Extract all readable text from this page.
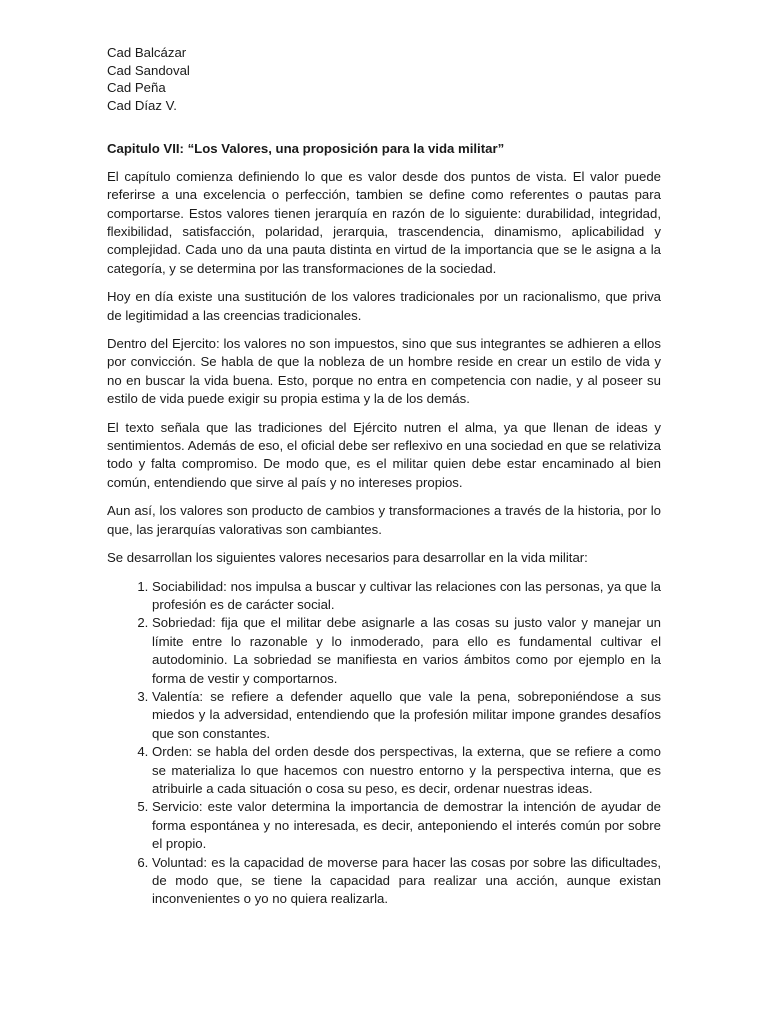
Cad Balcázar
Cad Sandoval
Cad Peña
Cad Díaz V.
Capitulo VII: “Los Valores, una proposición para la vida militar”

El capítulo comienza definiendo lo que es valor desde dos puntos de vista. El valor puede referirse a una excelencia o perfección, tambien se define como referentes o pautas para comportarse. Estos valores tienen jerarquía en razón de lo siguiente: durabilidad, integridad, flexibilidad, satisfacción, polaridad, jerarquia, trascendencia, dinamismo, aplicabilidad y complejidad. Cada uno da una pauta distinta en virtud de la importancia que se le asigna a la categoría, y se determina por las transformaciones de la sociedad.

Hoy en día existe una sustitución de los valores tradicionales por un racionalismo, que priva de legitimidad a las creencias tradicionales.

Dentro del Ejercito: los valores no son impuestos, sino que sus integrantes se adhieren a ellos por convicción. Se habla de que la nobleza de un hombre reside en crear un estilo de vida y no en buscar la vida buena. Esto, porque no entra en competencia con nadie, y al poseer su estilo de vida puede exigir su propia estima y la de los demás.

El texto señala que las tradiciones del Ejército nutren el alma, ya que llenan de ideas y sentimientos. Además de eso, el oficial debe ser reflexivo en una sociedad en que se relativiza todo y falta compromiso. De modo que, es el militar quien debe estar encaminado al bien común, entendiendo que sirve al país y no intereses propios.

Aun así, los valores son producto de cambios y transformaciones a través de la historia, por lo que, las jerarquías valorativas son cambiantes.

Se desarrollan los siguientes valores necesarios para desarrollar en la vida militar:

1. Sociabilidad: nos impulsa a buscar y cultivar las relaciones con las personas, ya que la profesión es de carácter social.
2. Sobriedad: fija que el militar debe asignarle a las cosas su justo valor y manejar un límite entre lo razonable y lo inmoderado, para ello es fundamental cultivar el autodominio. La sobriedad se manifiesta en varios ámbitos como por ejemplo en la forma de vestir y comportarnos.
3. Valentía: se refiere a defender aquello que vale la pena, sobreponiéndose a sus miedos y la adversidad, entendiendo que la profesión militar impone grandes desafíos que son constantes.
4. Orden: se habla del orden desde dos perspectivas, la externa, que se refiere a como se materializa lo que hacemos con nuestro entorno y la perspectiva interna, que es atribuirle a cada situación o cosa su peso, es decir, ordenar nuestras ideas.
5. Servicio: este valor determina la importancia de demostrar la intención de ayudar de forma espontánea y no interesada, es decir, anteponiendo el interés común por sobre el propio.
6. Voluntad: es la capacidad de moverse para hacer las cosas por sobre las dificultades, de modo que, se tiene la capacidad para realizar una acción, aunque existan inconvenientes o yo no quiera realizarla.
